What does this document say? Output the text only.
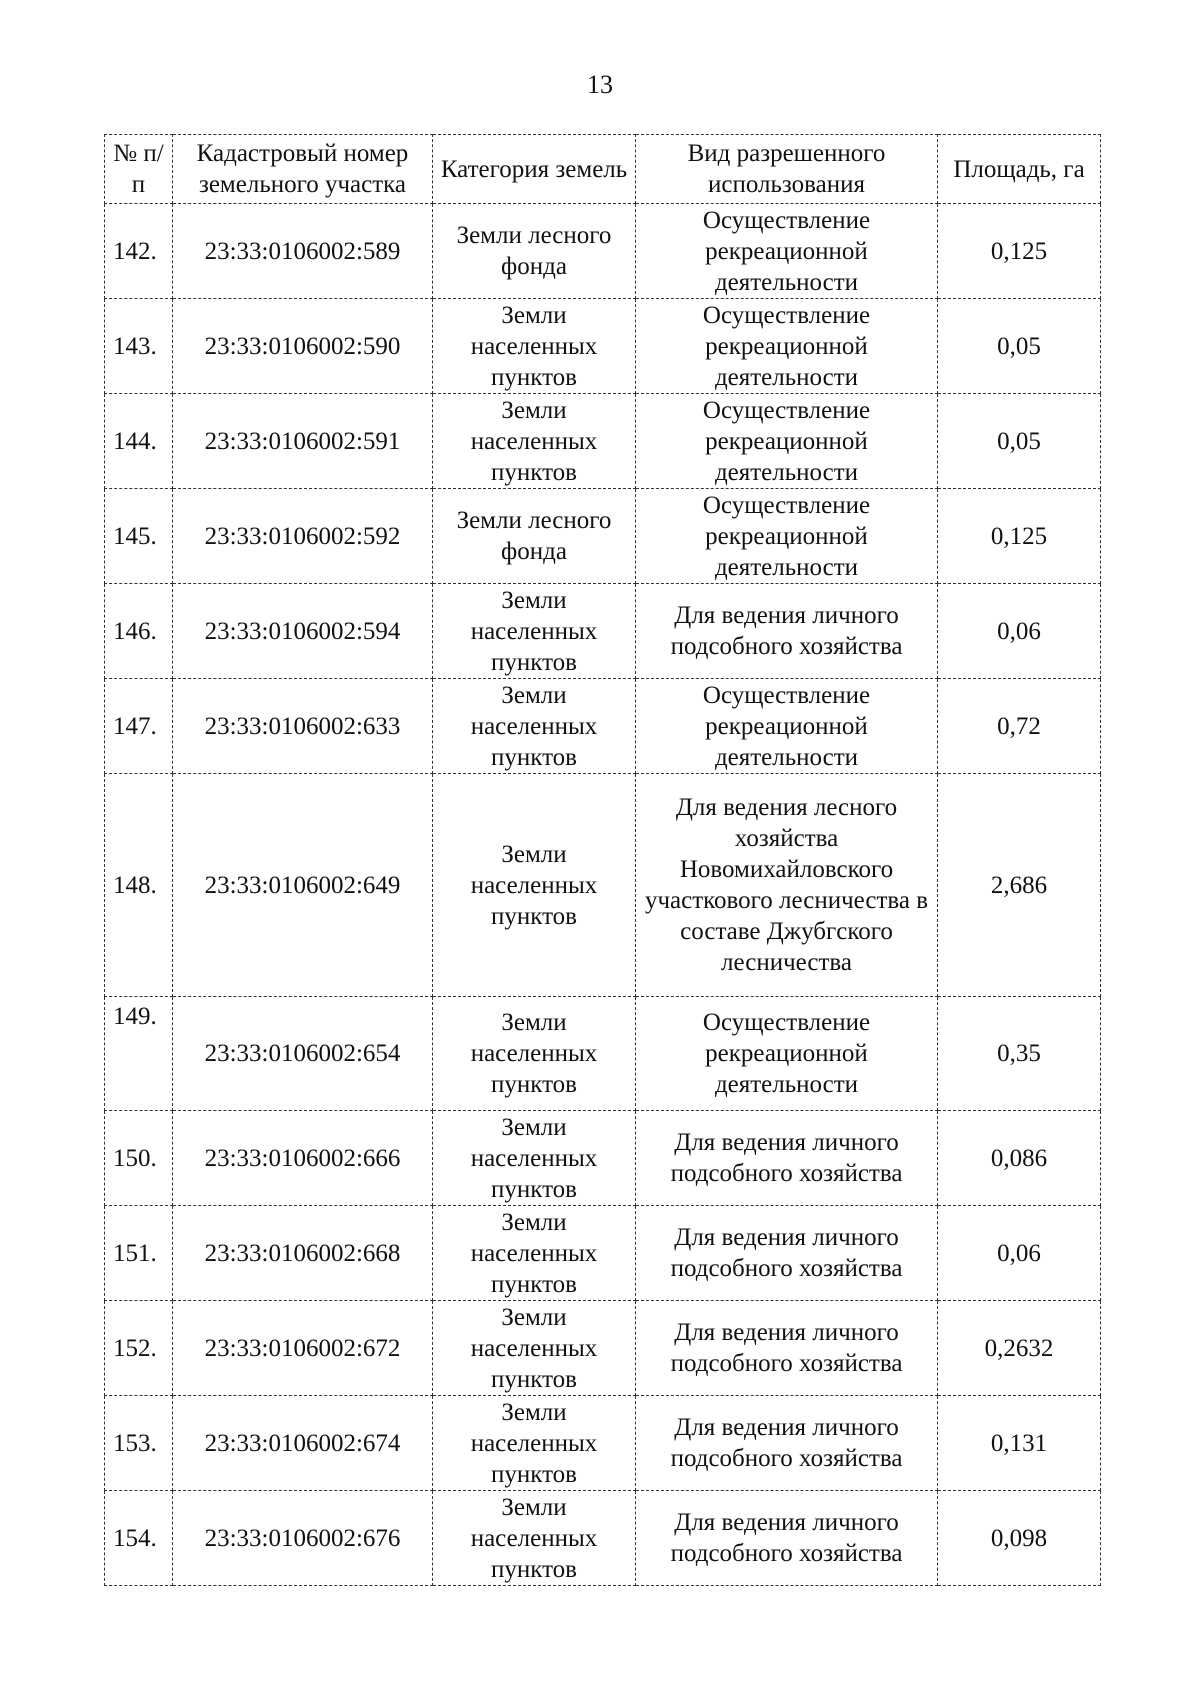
13
№ п/п	Кадастровый номер земельного участка	Категория земель	Вид разрешенного использования	Площадь, га
142.	23:33:0106002:589	Земли лесного фонда	Осуществление рекреационной деятельности	0,125
143.	23:33:0106002:590	Земли населенных пунктов	Осуществление рекреационной деятельности	0,05
144.	23:33:0106002:591	Земли населенных пунктов	Осуществление рекреационной деятельности	0,05
145.	23:33:0106002:592	Земли лесного фонда	Осуществление рекреационной деятельности	0,125
146.	23:33:0106002:594	Земли населенных пунктов	Для ведения личного подсобного хозяйства	0,06
147.	23:33:0106002:633	Земли населенных пунктов	Осуществление рекреационной деятельности	0,72
148.	23:33:0106002:649	Земли населенных пунктов	Для ведения лесного хозяйства Новомихайловского участкового лесничества в составе Джубгского лесничества	2,686
149.	23:33:0106002:654	Земли населенных пунктов	Осуществление рекреационной деятельности	0,35
150.	23:33:0106002:666	Земли населенных пунктов	Для ведения личного подсобного хозяйства	0,086
151.	23:33:0106002:668	Земли населенных пунктов	Для ведения личного подсобного хозяйства	0,06
152.	23:33:0106002:672	Земли населенных пунктов	Для ведения личного подсобного хозяйства	0,2632
153.	23:33:0106002:674	Земли населенных пунктов	Для ведения личного подсобного хозяйства	0,131
154.	23:33:0106002:676	Земли населенных пунктов	Для ведения личного подсобного хозяйства	0,098
